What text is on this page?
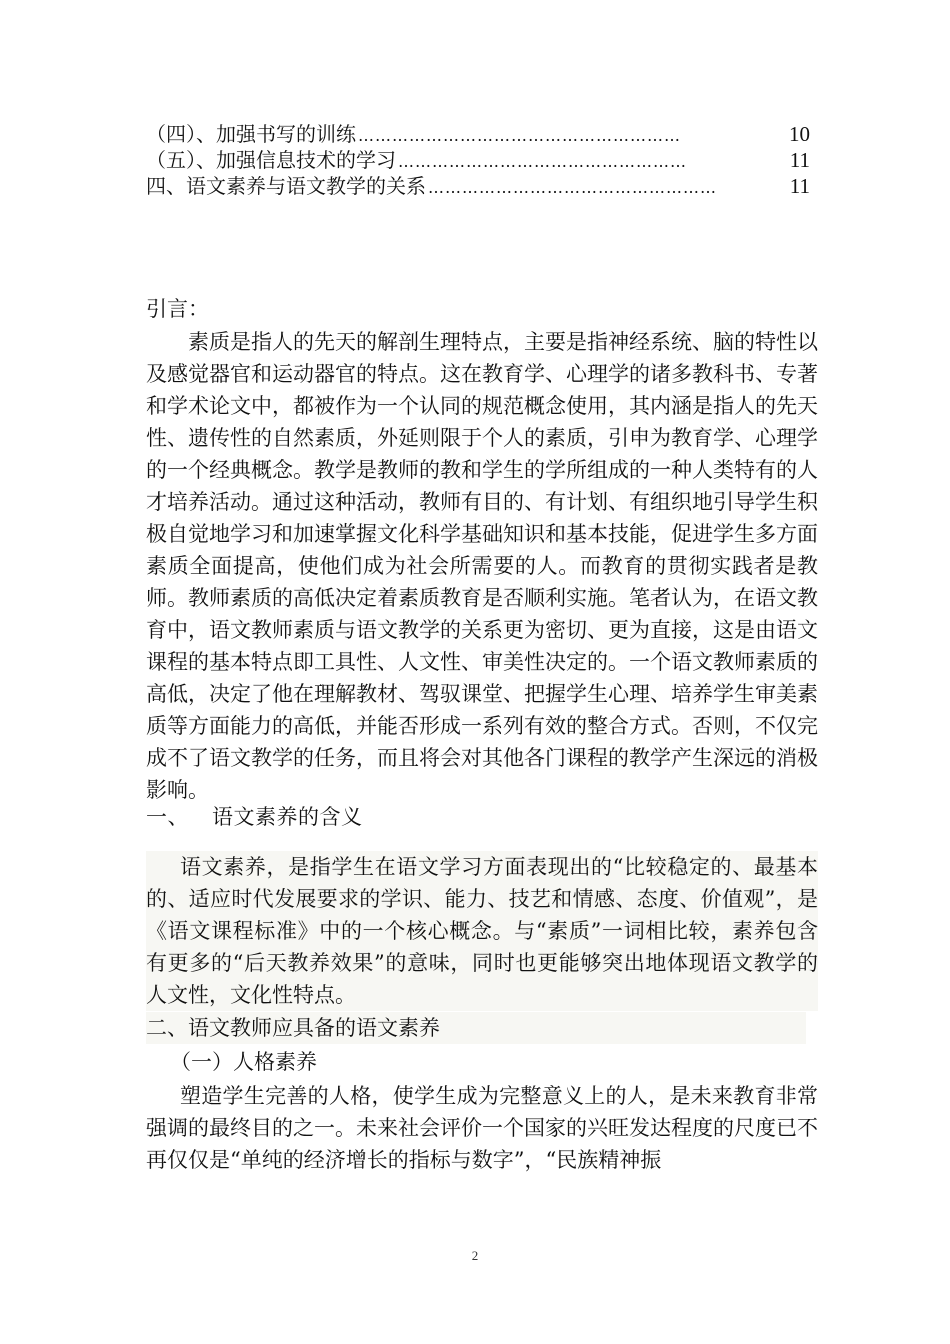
（四）、加强书写的训练 …………………………………………………	10
（五）、加强信息技术的学习 ……………………………………………	11
四、语文素养与语文教学的关系 ……………………………………………	11

引言：

素质是指人的先天的解剖生理特点，主要是指神经系统、脑的特性以及感觉器官和运动器官的特点。这在教育学、心理学的诸多教科书、专著和学术论文中，都被作为一个认同的规范概念使用，其内涵是指人的先天性、遗传性的自然素质，外延则限于个人的素质，引申为教育学、心理学的一个经典概念。教学是教师的教和学生的学所组成的一种人类特有的人才培养活动。通过这种活动，教师有目的、有计划、有组织地引导学生积极自觉地学习和加速掌握文化科学基础知识和基本技能，促进学生多方面素质全面提高，使他们成为社会所需要的人。而教育的贯彻实践者是教师。教师素质的高低决定着素质教育是否顺利实施。笔者认为，在语文教育中，语文教师素质与语文教学的关系更为密切、更为直接，这是由语文课程的基本特点即工具性、人文性、审美性决定的。一个语文教师素质的高低，决定了他在理解教材、驾驭课堂、把握学生心理、培养学生审美素质等方面能力的高低，并能否形成一系列有效的整合方式。否则，不仅完成不了语文教学的任务，而且将会对其他各门课程的教学产生深远的消极影响。

一、 语文素养的含义

语文素养，是指学生在语文学习方面表现出的“比较稳定的、最基本的、适应时代发展要求的学识、能力、技艺和情感、态度、价值观”，是《语文课程标准》中的一个核心概念。与“素质”一词相比较，素养包含有更多的“后天教养效果”的意味，同时也更能够突出地体现语文教学的人文性，文化性特点。

二、语文教师应具备的语文素养

（一）人格素养

塑造学生完善的人格，使学生成为完整意义上的人，是未来教育非常强调的最终目的之一。未来社会评价一个国家的兴旺发达程度的尺度已不再仅仅是“单纯的经济增长的指标与数字”，“民族精神振

2
